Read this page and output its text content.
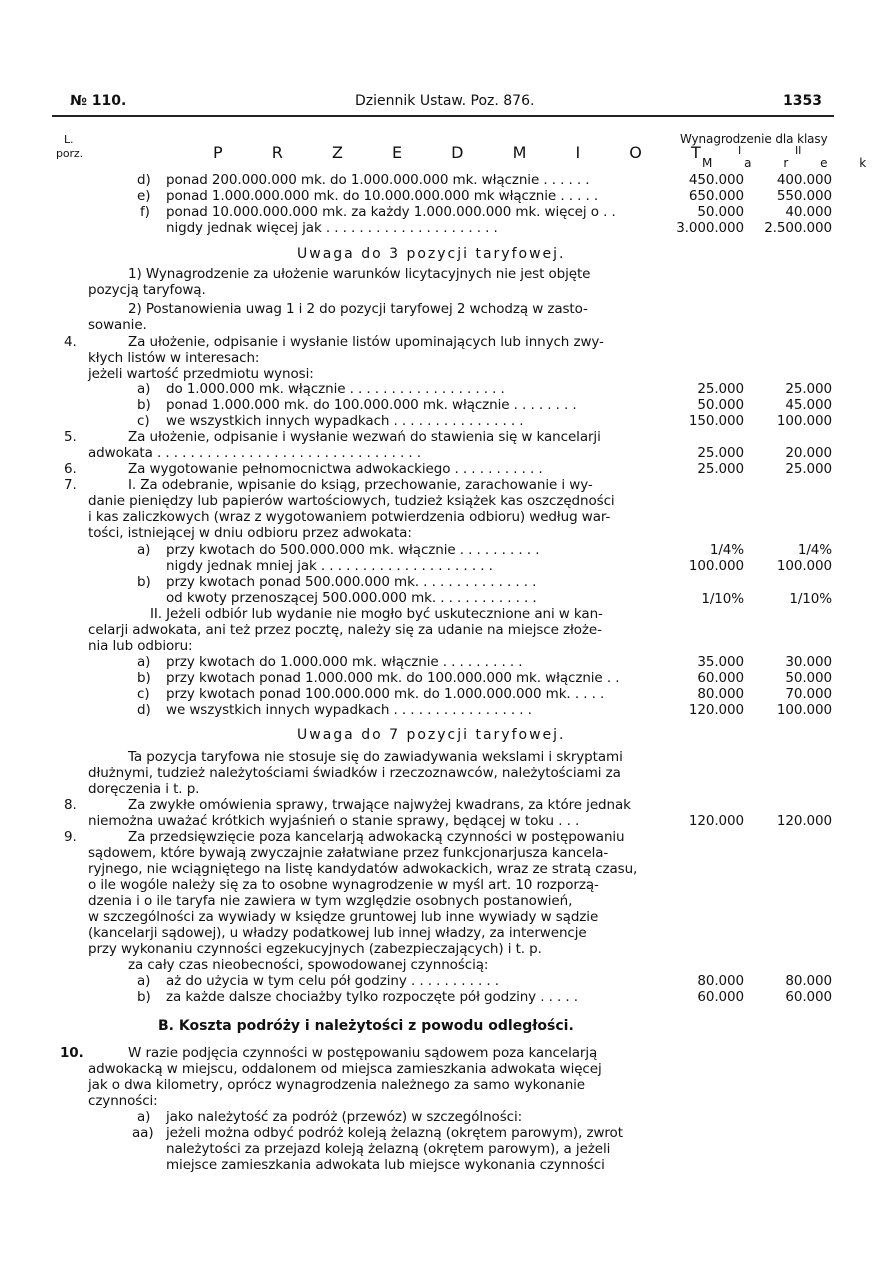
№ 110.	Dziennik Ustaw. Poz. 876.	1353
L.
porz.	P R Z E D M I O T
Wynagrodzenie dla klasy
I	II
M a r e k
d) ponad 200.000.000 mk. do 1.000.000.000 mk. włącznie . . . . . .	450.000	400.000
e) ponad 1.000.000.000 mk. do 10.000.000.000 mk włącznie . . . . .	650.000	550.000
f) ponad 10.000.000.000 mk. za każdy 1.000.000.000 mk. więcej o . .	50.000	40.000
nigdy jednak więcej jak . . . . . . . . . . . . . . . . . . . . .	3.000.000	2.500.000
Uwaga do 3 pozycji taryfowej.
1) Wynagrodzenie za ułożenie warunków licytacyjnych nie jest objęte
pozycją taryfową.
2) Postanowienia uwag 1 i 2 do pozycji taryfowej 2 wchodzą w zasto-
sowanie.
4.	Za ułożenie, odpisanie i wysłanie listów upominających lub innych zwy-
kłych listów w interesach:
jeżeli wartość przedmiotu wynosi:
a) do 1.000.000 mk. włącznie . . . . . . . . . . . . . . . . . . .	25.000	25.000
b) ponad 1.000.000 mk. do 100.000.000 mk. włącznie . . . . . . . .	50.000	45.000
c) we wszystkich innych wypadkach . . . . . . . . . . . . . . . .	150.000	100.000
5.	Za ułożenie, odpisanie i wysłanie wezwań do stawienia się w kancelarji
adwokata . . . . . . . . . . . . . . . . . . . . . . . . . . . . . . . .	25.000	20.000
6.	Za wygotowanie pełnomocnictwa adwokackiego . . . . . . . . . . .	25.000	25.000
7.	I. Za odebranie, wpisanie do ksiąg, przechowanie, zarachowanie i wy-
danie pieniędzy lub papierów wartościowych, tudzież książek kas oszczędności
i kas zaliczkowych (wraz z wygotowaniem potwierdzenia odbioru) według war-
tości, istniejącej w dniu odbioru przez adwokata:
a) przy kwotach do 500.000.000 mk. włącznie . . . . . . . . . .	1/4%	1/4%
nigdy jednak mniej jak . . . . . . . . . . . . . . . . . . . . .	100.000	100.000
b) przy kwotach ponad 500.000.000 mk. . . . . . . . . . . . . . .
od kwoty przenoszącej 500.000.000 mk. . . . . . . . . . . . .	1/10%	1/10%
II. Jeżeli odbiór lub wydanie nie mogło być uskutecznione ani w kan-
celarji adwokata, ani też przez pocztę, należy się za udanie na miejsce złoże-
nia lub odbioru:
a) przy kwotach do 1.000.000 mk. włącznie . . . . . . . . . .	35.000	30.000
b) przy kwotach ponad 1.000.000 mk. do 100.000.000 mk. włącznie . .	60.000	50.000
c) przy kwotach ponad 100.000.000 mk. do 1.000.000.000 mk. . . . .	80.000	70.000
d) we wszystkich innych wypadkach . . . . . . . . . . . . . . . . .	120.000	100.000
Uwaga do 7 pozycji taryfowej.
Ta pozycja taryfowa nie stosuje się do zawiadywania wekslami i skryptami
dłużnymi, tudzież należytościami świadków i rzeczoznawców, należytościami za
doręczenia i t. p.
8.	Za zwykłe omówienia sprawy, trwające najwyżej kwadrans, za które jednak
niemożna uważać krótkich wyjaśnień o stanie sprawy, będącej w toku . . .	120.000	120.000
9.	Za przedsięwzięcie poza kancelarją adwokacką czynności w postępowaniu
sądowem, które bywają zwyczajnie załatwiane przez funkcjonarjusza kancela-
ryjnego, nie wciągniętego na listę kandydatów adwokackich, wraz ze stratą czasu,
o ile wogóle należy się za to osobne wynagrodzenie w myśl art. 10 rozporzą-
dzenia i o ile taryfa nie zawiera w tym względzie osobnych postanowień,
w szczególności za wywiady w księdze gruntowej lub inne wywiady w sądzie
(kancelarji sądowej), u władzy podatkowej lub innej władzy, za interwencje
przy wykonaniu czynności egzekucyjnych (zabezpieczających) i t. p.
za cały czas nieobecności, spowodowanej czynnością:
a) aż do użycia w tym celu pół godziny . . . . . . . . . . .	80.000	80.000
b) za każde dalsze chociażby tylko rozpoczęte pół godziny . . . . .	60.000	60.000
B. Koszta podróży i należytości z powodu odległości.
10.	W razie podjęcia czynności w postępowaniu sądowem poza kancelarją
adwokacką w miejscu, oddalonem od miejsca zamieszkania adwokata więcej
jak o dwa kilometry, oprócz wynagrodzenia należnego za samo wykonanie
czynności:
a) jako należytość za podróż (przewóz) w szczególności:
aa) jeżeli można odbyć podróż koleją żelazną (okrętem parowym), zwrot
należytości za przejazd koleją żelazną (okrętem parowym), a jeżeli
miejsce zamieszkania adwokata lub miejsce wykonania czynności
